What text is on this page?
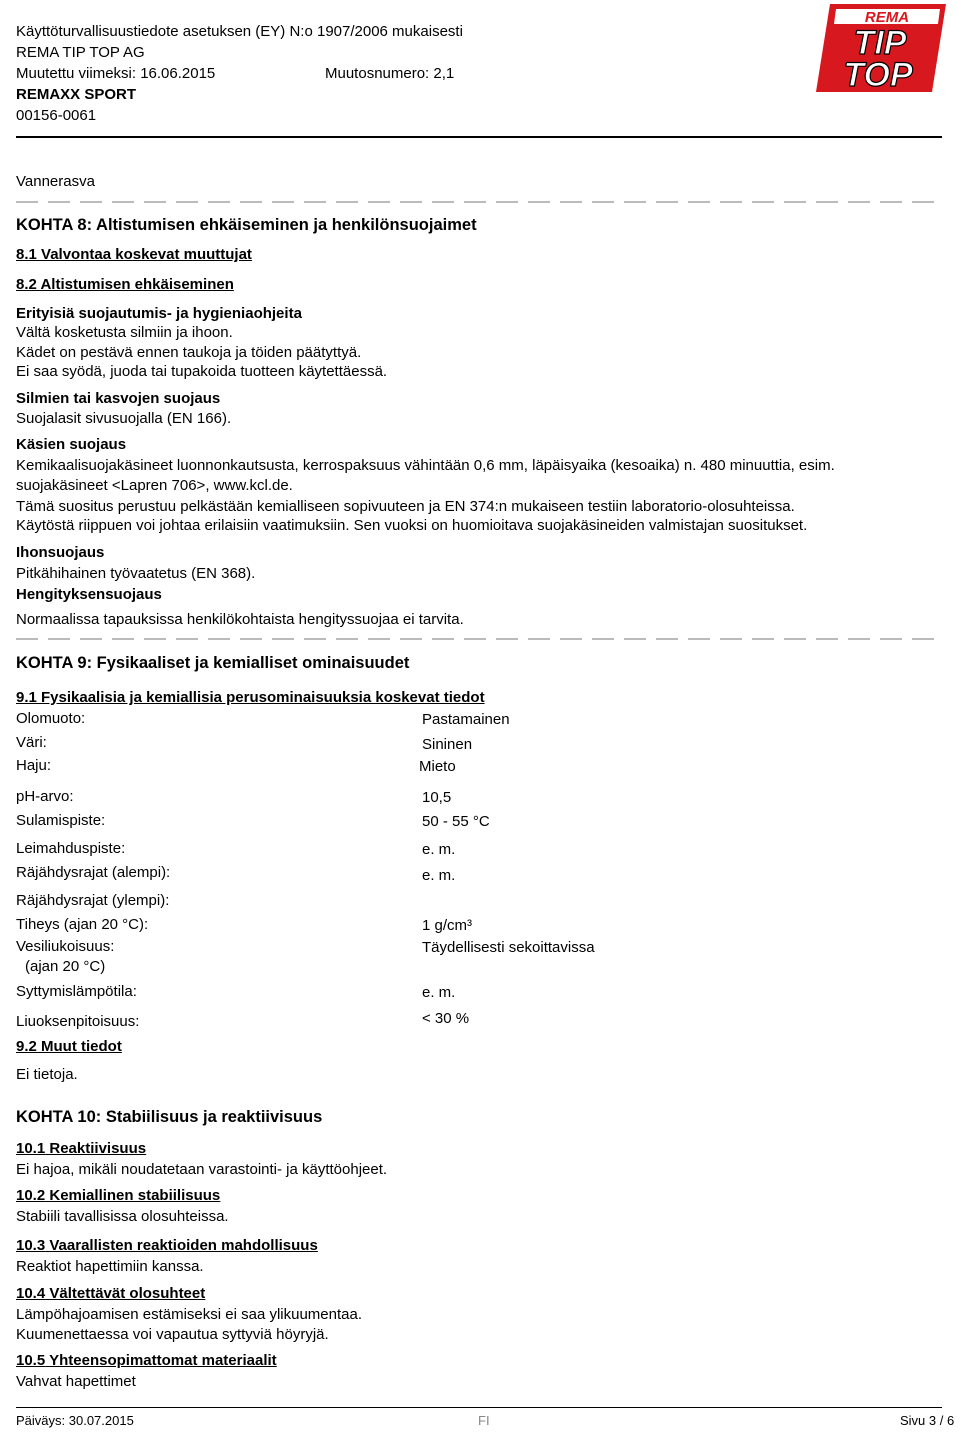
Käyttöturvallisuustiedote asetuksen (EY) N:o 1907/2006 mukaisesti
REMA TIP TOP AG
Muutettu viimeksi: 16.06.2015	Muutosnumero: 2,1
REMAXX SPORT
00156-0061
REMA
TIP
TOP
Vannerasva
KOHTA 8: Altistumisen ehkäiseminen ja henkilönsuojaimet
8.1 Valvontaa koskevat muuttujat
8.2 Altistumisen ehkäiseminen
Erityisiä suojautumis- ja hygieniaohjeita
Vältä kosketusta silmiin ja ihoon.
Kädet on pestävä ennen taukoja ja töiden päätyttyä.
Ei saa syödä, juoda tai tupakoida tuotteen käytettäessä.
Silmien tai kasvojen suojaus
Suojalasit sivusuojalla (EN 166).
Käsien suojaus
Kemikaalisuojakäsineet luonnonkautsusta, kerrospaksuus vähintään 0,6 mm, läpäisyaika (kesoaika) n. 480 minuuttia, esim.
suojakäsineet <Lapren 706>, www.kcl.de.
Tämä suositus perustuu pelkästään kemialliseen sopivuuteen ja EN 374:n mukaiseen testiin laboratorio-olosuhteissa.
Käytöstä riippuen voi johtaa erilaisiin vaatimuksiin. Sen vuoksi on huomioitava suojakäsineiden valmistajan suositukset.
Ihonsuojaus
Pitkähihainen työvaatetus (EN 368).
Hengityksensuojaus
Normaalissa tapauksissa henkilökohtaista hengityssuojaa ei tarvita.
KOHTA 9: Fysikaaliset ja kemialliset ominaisuudet
9.1 Fysikaalisia ja kemiallisia perusominaisuuksia koskevat tiedot
Olomuoto:	Pastamainen
Väri:	Sininen
Haju:	Mieto
pH-arvo:	10,5
Sulamispiste:	50 - 55 °C
Leimahduspiste:	e. m.
Räjähdysrajat (alempi):	e. m.
Räjähdysrajat (ylempi):
Tiheys (ajan 20 °C):	1 g/cm³
Vesiliukoisuus:	Täydellisesti sekoittavissa
(ajan 20 °C)
Syttymislämpötila:	e. m.
Liuoksenpitoisuus:	< 30 %
9.2 Muut tiedot
Ei tietoja.
KOHTA 10: Stabiilisuus ja reaktiivisuus
10.1 Reaktiivisuus
Ei hajoa, mikäli noudatetaan varastointi- ja käyttöohjeet.
10.2 Kemiallinen stabiilisuus
Stabiili tavallisissa olosuhteissa.
10.3 Vaarallisten reaktioiden mahdollisuus
Reaktiot hapettimiin kanssa.
10.4 Vältettävät olosuhteet
Lämpöhajoamisen estämiseksi ei saa ylikuumentaa.
Kuumenettaessa voi vapautua syttyviä höyryjä.
10.5 Yhteensopimattomat materiaalit
Vahvat hapettimet
Päiväys: 30.07.2015	FI	Sivu 3 / 6
